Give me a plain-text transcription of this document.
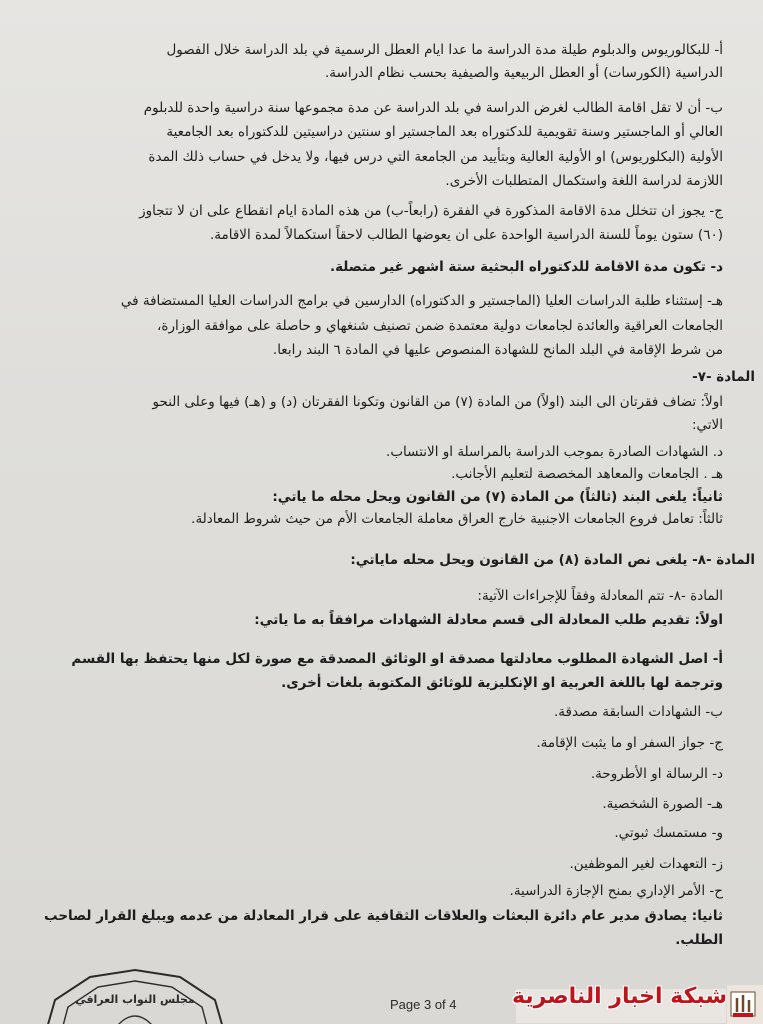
أ- للبكالوريوس والدبلوم طيلة مدة الدراسة ما عدا ايام العطل الرسمية في بلد الدراسة خلال الفصول
الدراسية (الكورسات) أو العطل الربيعية والصيفية بحسب نظام الدراسة.
ب- أن لا تقل اقامة الطالب لغرض الدراسة في بلد الدراسة عن مدة مجموعها سنة دراسية واحدة للدبلوم
العالي أو الماجستير وسنة تقويمية للدكتوراه بعد الماجستير او سنتين دراسيتين للدكتوراه بعد الجامعية
الأولية (البكلوريوس) او الأولية العالية وبتأييد من الجامعة التي درس فيها، ولا يدخل في حساب ذلك المدة
اللازمة لدراسة اللغة واستكمال المتطلبات الأخرى.
ج- يجوز ان تتخلل مدة الاقامة المذكورة في الفقرة (رابعاً-ب) من هذه المادة ايام انقطاع على ان لا تتجاوز
(٦٠) ستون يوماً للسنة الدراسية الواحدة على ان يعوضها الطالب لاحقاً استكمالاً لمدة الاقامة.
د- تكون مدة الاقامة للدكتوراه البحثية ستة اشهر غير متصلة.
هـ- إستثناء طلبة الدراسات العليا (الماجستير و الدكتوراه) الدارسين في برامج الدراسات العليا المستضافة في
الجامعات العراقية والعائدة لجامعات دولية معتمدة ضمن تصنيف شنغهاي و حاصلة على موافقة الوزارة،
من شرط الإقامة في البلد المانح للشهادة المنصوص عليها في المادة ٦ البند رابعا.
المادة -٧-
اولاً: تضاف فقرتان الى البند (اولاً) من المادة (٧) من القانون وتكونا الفقرتان (د) و (هـ) فيها وعلى النحو
الاتي:
د. الشهادات الصادرة بموجب الدراسة بالمراسلة او الانتساب.
هـ . الجامعات والمعاهد المخصصة لتعليم الأجانب.
ثانياً: يلغى البند (ثالثاً) من المادة (٧) من القانون ويحل محله ما ياتي:
ثالثاً: تعامل فروع الجامعات الاجنبية خارج العراق معاملة الجامعات الأم من حيث شروط المعادلة.
المادة -٨- يلغى نص المادة (٨) من القانون ويحل محله ماياتي:
المادة -٨- تتم المعادلة وفقاً للإجراءات الآتية:
اولاً: تقديم طلب المعادلة الى قسم معادلة الشهادات مرافقاً به ما ياتي:
أ- اصل الشهادة المطلوب معادلتها مصدقة او الوثائق المصدقة مع صورة لكل منها يحتفظ بها القسم
وترجمة لها باللغة العربية او الإنكليزية للوثائق المكتوبة بلغات أخرى.
ب- الشهادات السابقة مصدقة.
ج- جواز السفر او ما يثبت الإقامة.
د- الرسالة او الأطروحة.
هـ- الصورة الشخصية.
و- مستمسك ثبوتي.
ز- التعهدات لغير الموظفين.
ح- الأمر الإداري بمنح الإجازة الدراسية.
ثانيا: يصادق مدير عام دائرة البعثات والعلاقات الثقافية على قرار المعادلة من عدمه ويبلغ القرار لصاحب
الطلب.
مجلس النواب العراقي	Page 3 of 4	شبكة اخبار الناصرية
